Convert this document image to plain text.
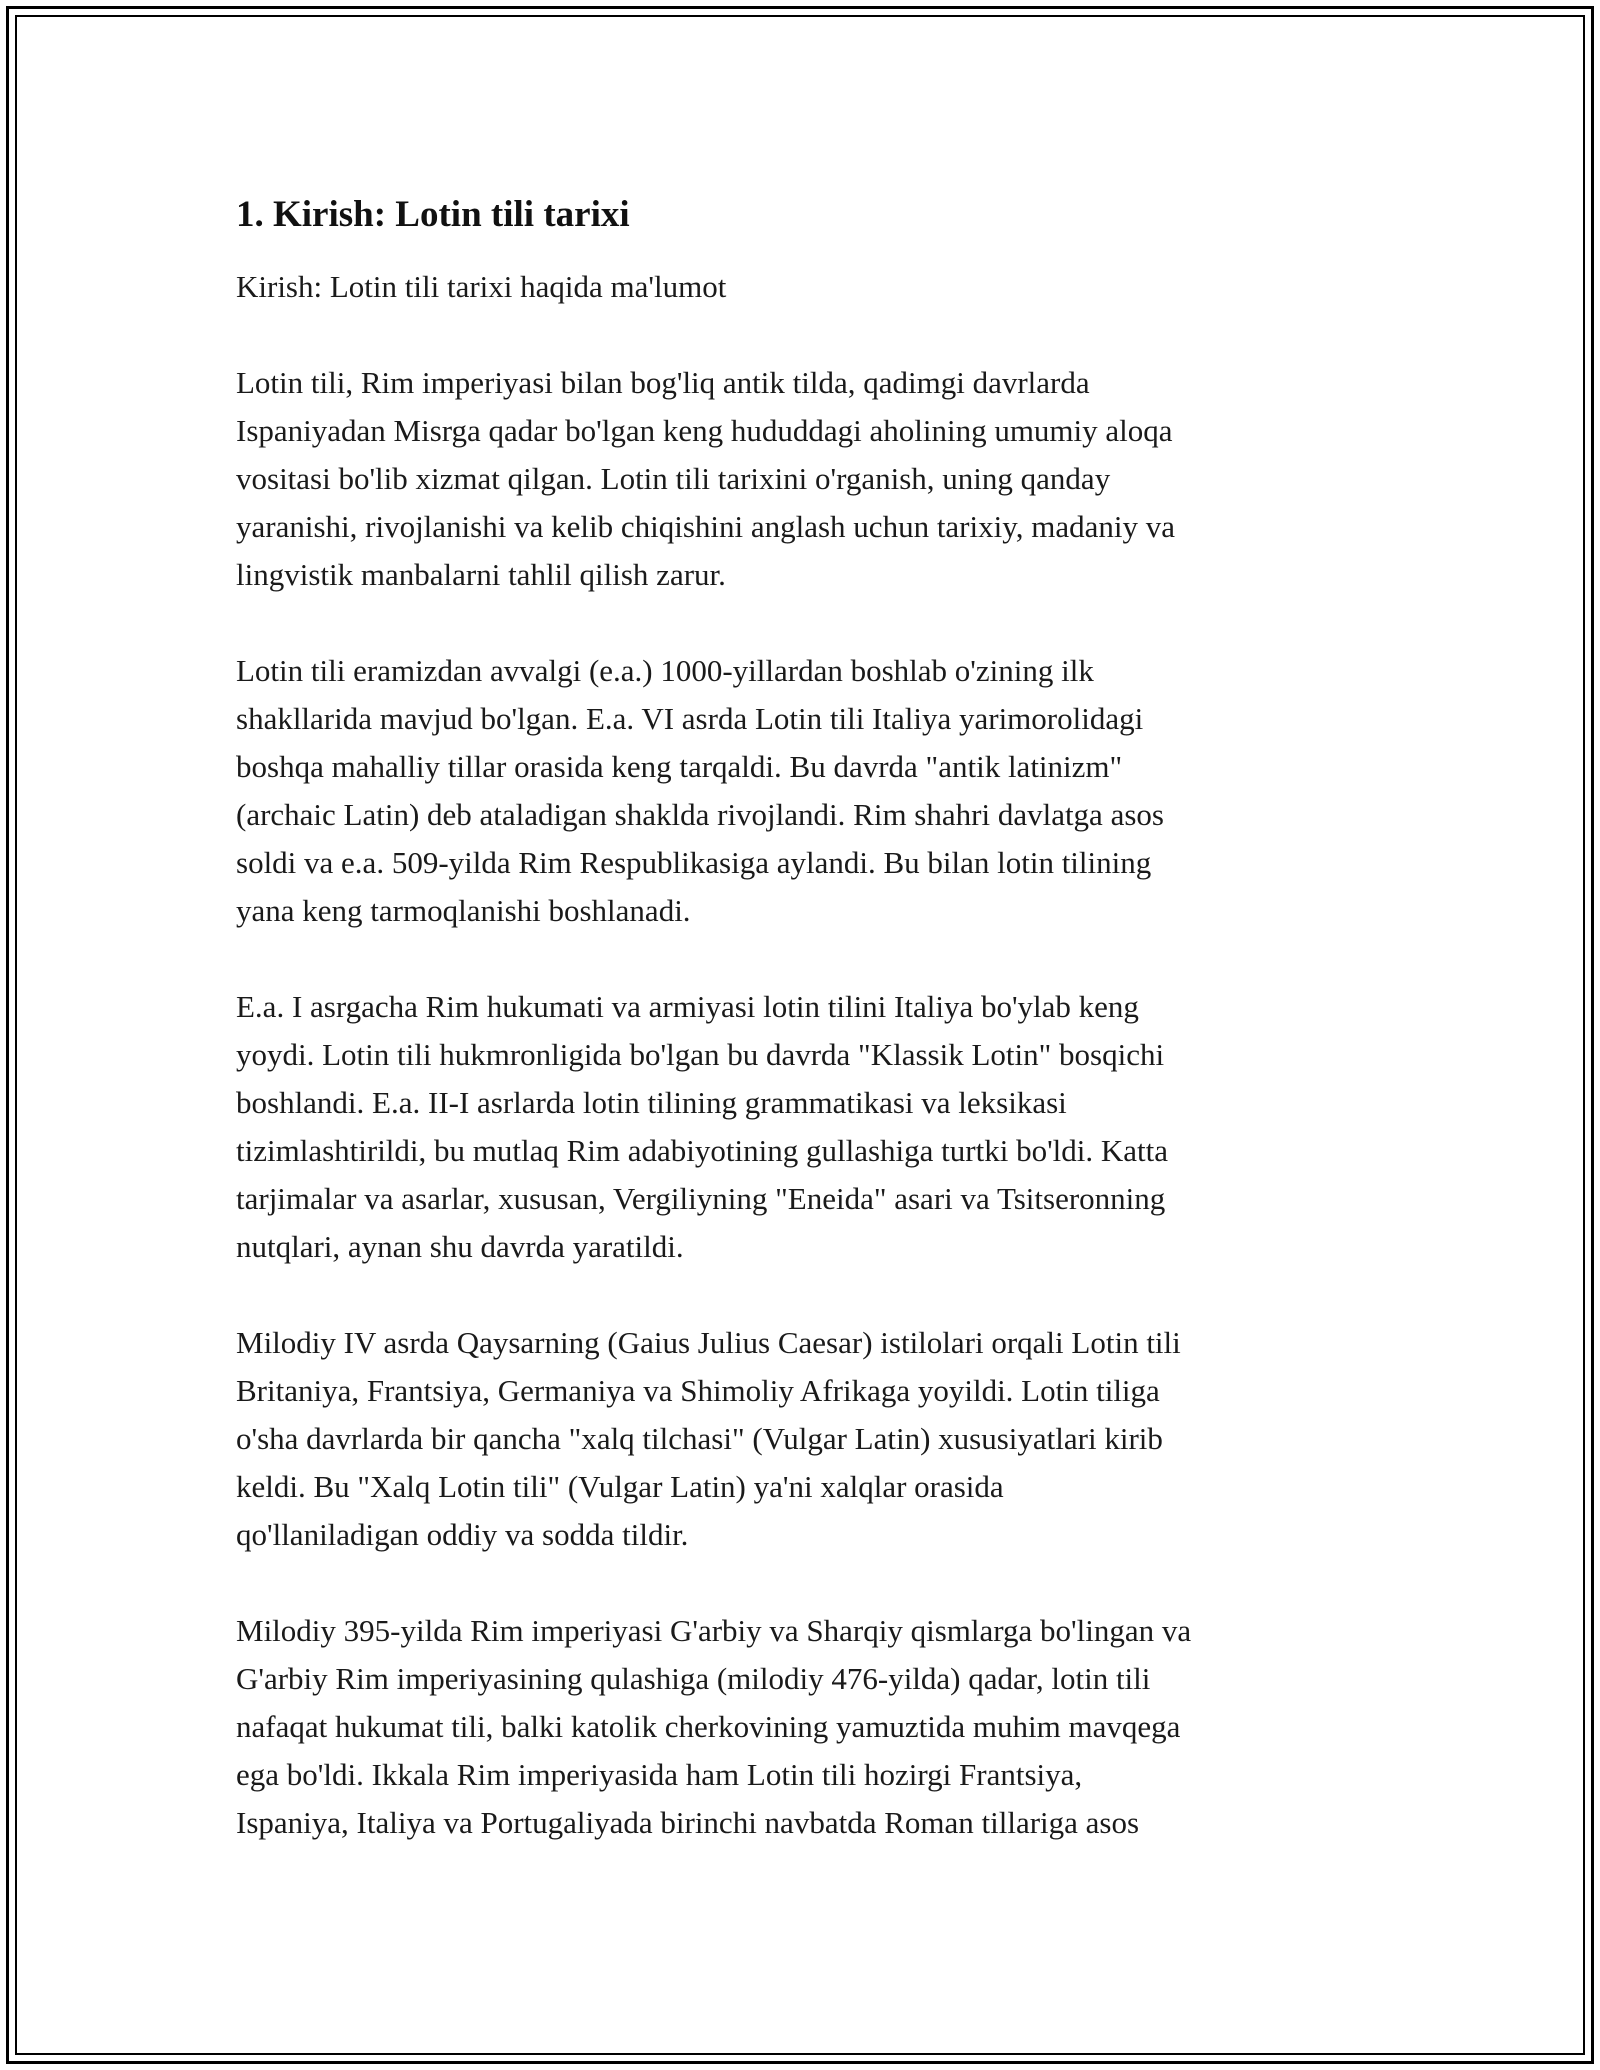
1. Kirish: Lotin tili tarixi

Kirish: Lotin tili tarixi haqida ma'lumot

Lotin tili, Rim imperiyasi bilan bog'liq antik tilda, qadimgi davrlarda
Ispaniyadan Misrga qadar bo'lgan keng hududdagi aholining umumiy aloqa
vositasi bo'lib xizmat qilgan. Lotin tili tarixini o'rganish, uning qanday
yaranishi, rivojlanishi va kelib chiqishini anglash uchun tarixiy, madaniy va
lingvistik manbalarni tahlil qilish zarur.

Lotin tili eramizdan avvalgi (e.a.) 1000-yillardan boshlab o'zining ilk
shakllarida mavjud bo'lgan. E.a. VI asrda Lotin tili Italiya yarimorolidagi
boshqa mahalliy tillar orasida keng tarqaldi. Bu davrda "antik latinizm"
(archaic Latin) deb ataladigan shaklda rivojlandi. Rim shahri davlatga asos
soldi va e.a. 509-yilda Rim Respublikasiga aylandi. Bu bilan lotin tilining
yana keng tarmoqlanishi boshlanadi.

E.a. I asrgacha Rim hukumati va armiyasi lotin tilini Italiya bo'ylab keng
yoydi. Lotin tili hukmronligida bo'lgan bu davrda "Klassik Lotin" bosqichi
boshlandi. E.a. II-I asrlarda lotin tilining grammatikasi va leksikasi
tizimlashtirildi, bu mutlaq Rim adabiyotining gullashiga turtki bo'ldi. Katta
tarjimalar va asarlar, xususan, Vergiliyning "Eneida" asari va Tsitseronning
nutqlari, aynan shu davrda yaratildi.

Milodiy IV asrda Qaysarning (Gaius Julius Caesar) istilolari orqali Lotin tili
Britaniya, Frantsiya, Germaniya va Shimoliy Afrikaga yoyildi. Lotin tiliga
o'sha davrlarda bir qancha "xalq tilchasi" (Vulgar Latin) xususiyatlari kirib
keldi. Bu "Xalq Lotin tili" (Vulgar Latin) ya'ni xalqlar orasida
qo'llaniladigan oddiy va sodda tildir.

Milodiy 395-yilda Rim imperiyasi G'arbiy va Sharqiy qismlarga bo'lingan va
G'arbiy Rim imperiyasining qulashiga (milodiy 476-yilda) qadar, lotin tili
nafaqat hukumat tili, balki katolik cherkovining yamuztida muhim mavqega
ega bo'ldi. Ikkala Rim imperiyasida ham Lotin tili hozirgi Frantsiya,
Ispaniya, Italiya va Portugaliyada birinchi navbatda Roman tillariga asos
